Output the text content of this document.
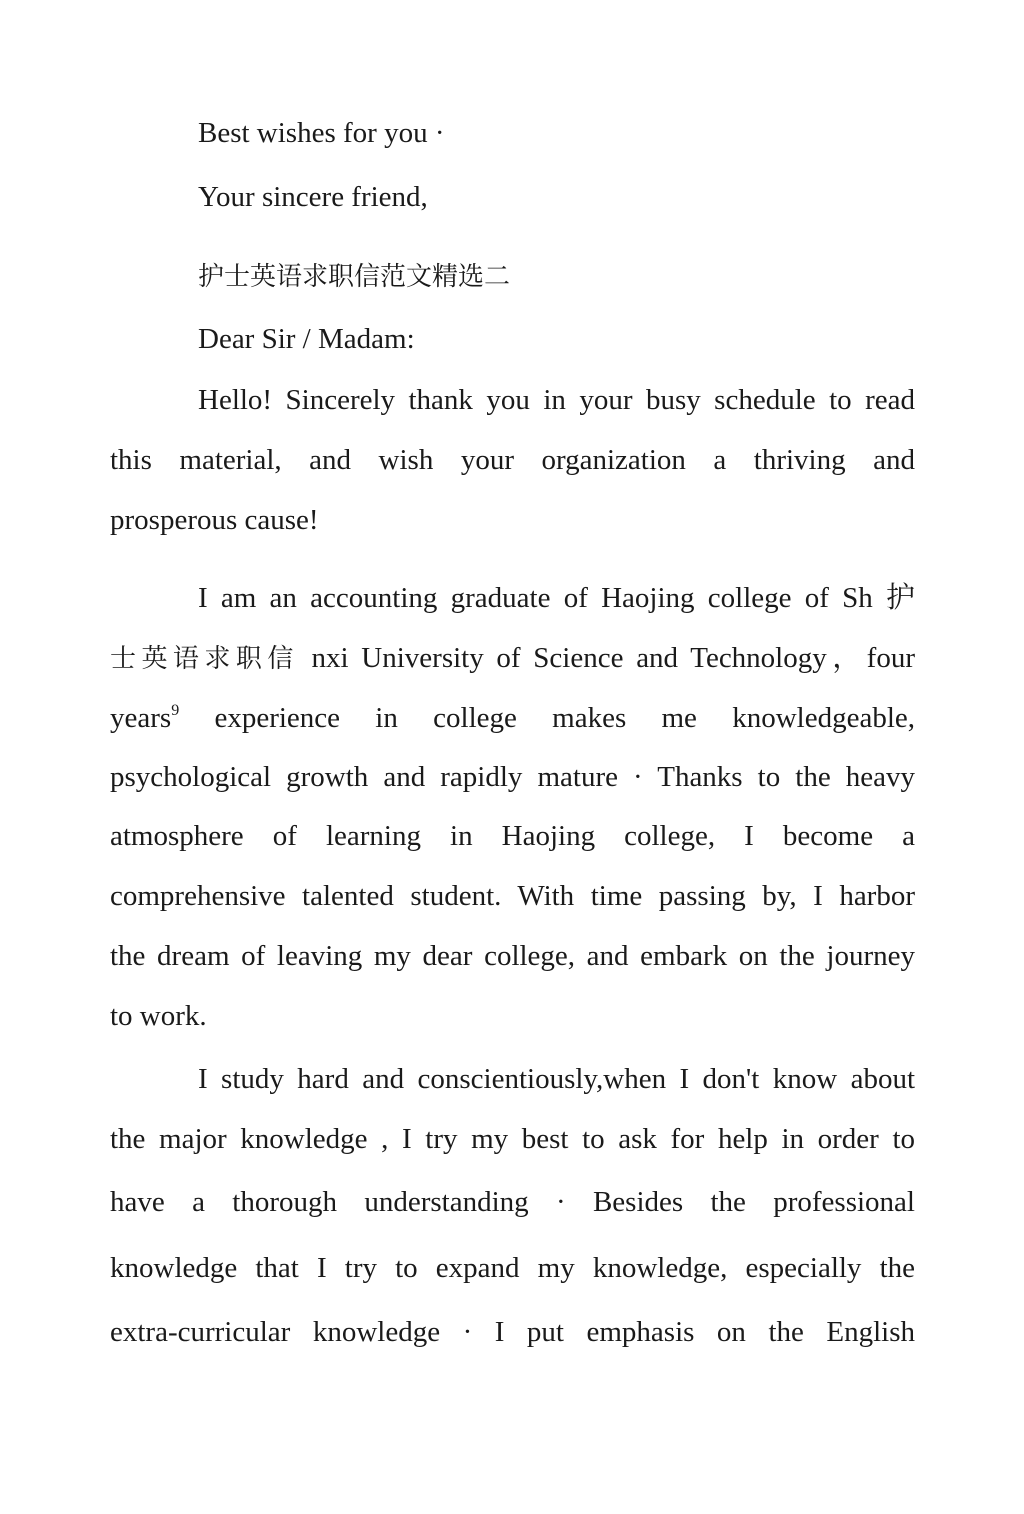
Best wishes for you ·

Your sincere friend,

护士英语求职信范文精选二

Dear Sir / Madam:

Hello! Sincerely thank you in your busy schedule to read

this material, and wish your organization a thriving and

prosperous cause!

I am an accounting graduate of Haojing college of Sh 护

士英语求职信 nxi University of Science and Technology，four

years$^9$ experience in college makes me knowledgeable,

psychological growth and rapidly mature · Thanks to the heavy

atmosphere of learning in Haojing college, I become a

comprehensive talented student. With time passing by, I harbor

the dream of leaving my dear college, and embark on the journey

to work.

I study hard and conscientiously,when I don't know about

the major knowledge , I try my best to ask for help in order to

have a thorough understanding · Besides the professional

knowledge that I try to expand my knowledge, especially the

extra-curricular knowledge · I put emphasis on the English
